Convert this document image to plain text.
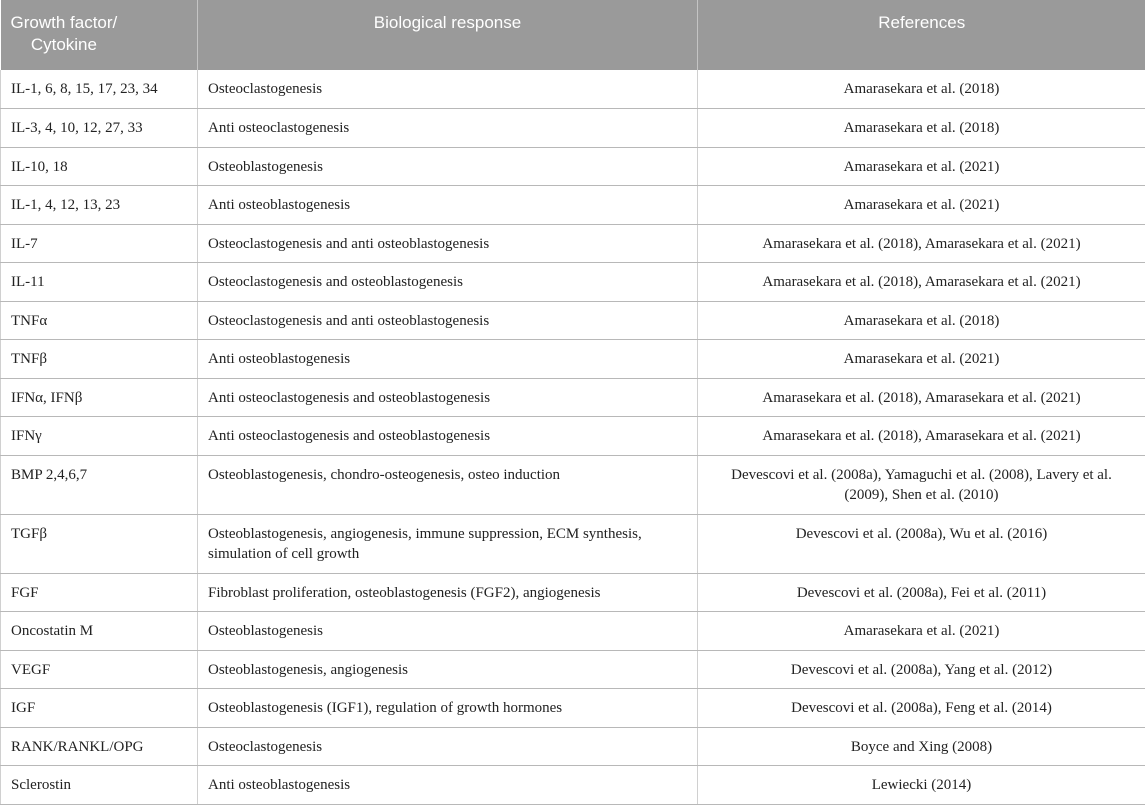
Growth factor/
Cytokine	Biological response	References
IL-1, 6, 8, 15, 17, 23, 34	Osteoclastogenesis	Amarasekara et al. (2018)
IL-3, 4, 10, 12, 27, 33	Anti osteoclastogenesis	Amarasekara et al. (2018)
IL-10, 18	Osteoblastogenesis	Amarasekara et al. (2021)
IL-1, 4, 12, 13, 23	Anti osteoblastogenesis	Amarasekara et al. (2021)
IL-7	Osteoclastogenesis and anti osteoblastogenesis	Amarasekara et al. (2018), Amarasekara et al. (2021)
IL-11	Osteoclastogenesis and osteoblastogenesis	Amarasekara et al. (2018), Amarasekara et al. (2021)
TNFα	Osteoclastogenesis and anti osteoblastogenesis	Amarasekara et al. (2018)
TNFβ	Anti osteoblastogenesis	Amarasekara et al. (2021)
IFNα, IFNβ	Anti osteoclastogenesis and osteoblastogenesis	Amarasekara et al. (2018), Amarasekara et al. (2021)
IFNγ	Anti osteoclastogenesis and osteoblastogenesis	Amarasekara et al. (2018), Amarasekara et al. (2021)
BMP 2,4,6,7	Osteoblastogenesis, chondro-osteogenesis, osteo induction	Devescovi et al. (2008a), Yamaguchi et al. (2008), Lavery et al. (2009), Shen et al. (2010)
TGFβ	Osteoblastogenesis, angiogenesis, immune suppression, ECM synthesis, simulation of cell growth	Devescovi et al. (2008a), Wu et al. (2016)
FGF	Fibroblast proliferation, osteoblastogenesis (FGF2), angiogenesis	Devescovi et al. (2008a), Fei et al. (2011)
Oncostatin M	Osteoblastogenesis	Amarasekara et al. (2021)
VEGF	Osteoblastogenesis, angiogenesis	Devescovi et al. (2008a), Yang et al. (2012)
IGF	Osteoblastogenesis (IGF1), regulation of growth hormones	Devescovi et al. (2008a), Feng et al. (2014)
RANK/RANKL/OPG	Osteoclastogenesis	Boyce and Xing (2008)
Sclerostin	Anti osteoblastogenesis	Lewiecki (2014)
